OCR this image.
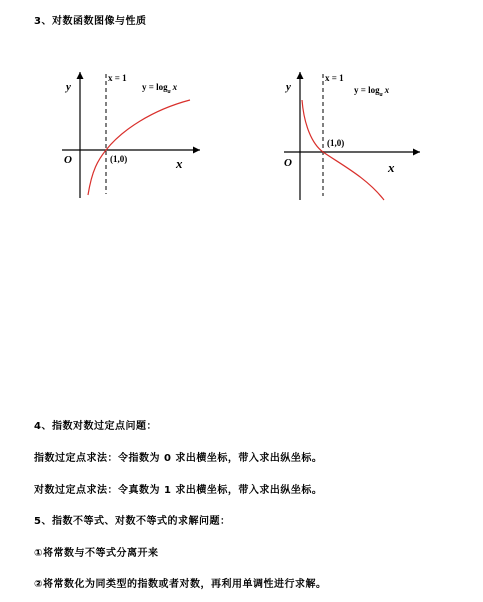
3、对数函数图像与性质
y
O	x
x = 1
(1,0)
$y = \log_a x$	y
O	x
x = 1
(1,0)
$y = \log_a x$
4、指数对数过定点问题：
指数过定点求法：令指数为 0 求出横坐标，带入求出纵坐标。
对数过定点求法：令真数为 1 求出横坐标，带入求出纵坐标。
5、指数不等式、对数不等式的求解问题：
①将常数与不等式分离开来
②将常数化为同类型的指数或者对数，再利用单调性进行求解。
